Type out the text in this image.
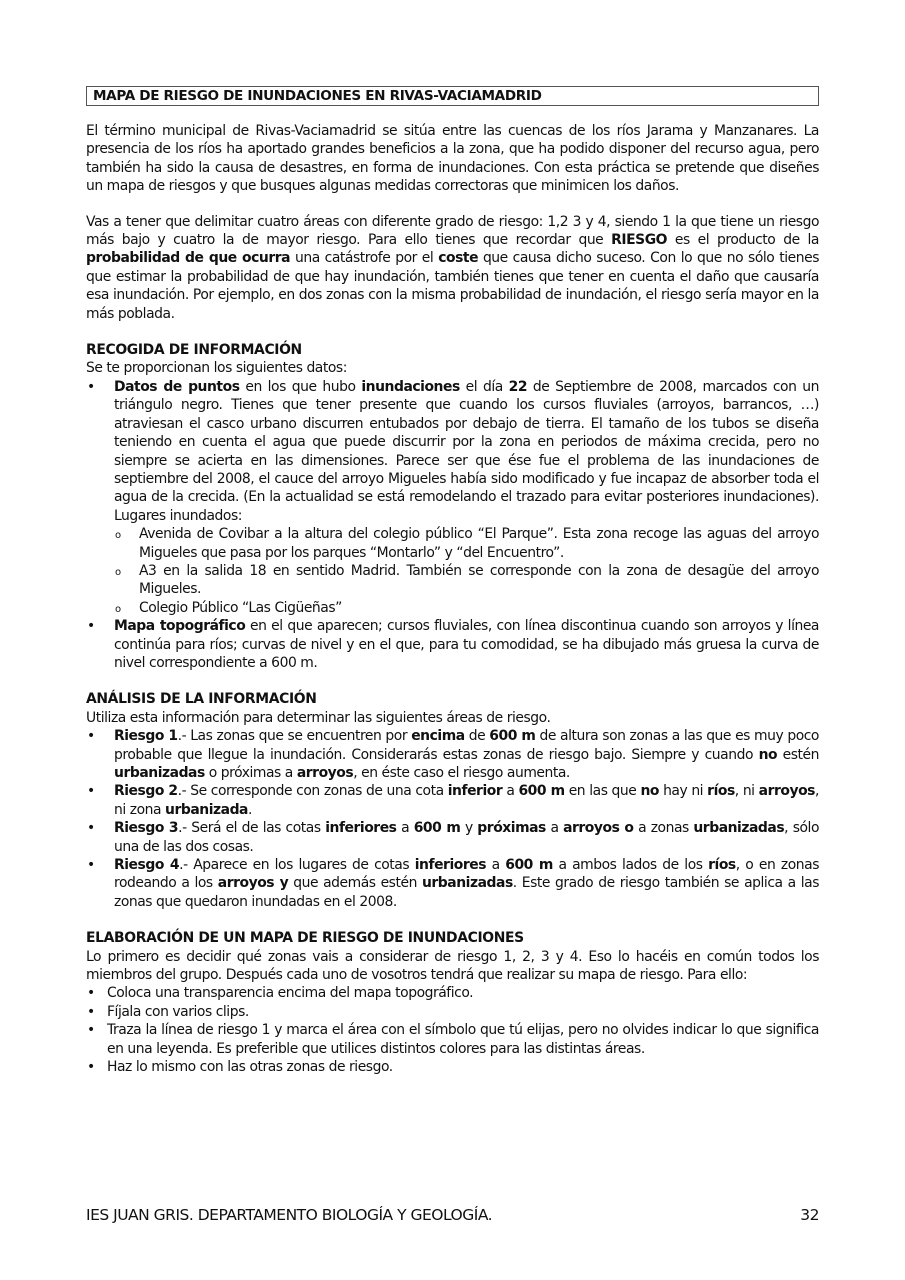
MAPA DE RIESGO DE INUNDACIONES EN RIVAS-VACIAMADRID

El término municipal de Rivas-Vaciamadrid se sitúa entre las cuencas de los ríos Jarama y Manzanares. La presencia de los ríos ha aportado grandes beneficios a la zona, que ha podido disponer del recurso agua, pero también ha sido la causa de desastres, en forma de inundaciones. Con esta práctica se pretende que diseñes un mapa de riesgos y que busques algunas medidas correctoras que minimicen los daños.

Vas a tener que delimitar cuatro áreas con diferente grado de riesgo: 1,2 3 y 4, siendo 1 la que tiene un riesgo más bajo y cuatro la de mayor riesgo. Para ello tienes que recordar que RIESGO es el producto de la probabilidad de que ocurra una catástrofe por el coste que causa dicho suceso. Con lo que no sólo tienes que estimar la probabilidad de que hay inundación, también tienes que tener en cuenta el daño que causaría esa inundación. Por ejemplo, en dos zonas con la misma probabilidad de inundación, el riesgo sería mayor en la más poblada.

RECOGIDA DE INFORMACIÓN

Se te proporcionan los siguientes datos:

• Datos de puntos en los que hubo inundaciones el día 22 de Septiembre de 2008, marcados con un triángulo negro. Tienes que tener presente que cuando los cursos fluviales (arroyos, barrancos, …) atraviesan el casco urbano discurren entubados por debajo de tierra. El tamaño de los tubos se diseña teniendo en cuenta el agua que puede discurrir por la zona en periodos de máxima crecida, pero no siempre se acierta en las dimensiones. Parece ser que ése fue el problema de las inundaciones de septiembre del 2008, el cauce del arroyo Migueles había sido modificado y fue incapaz de absorber toda el agua de la crecida. (En la actualidad se está remodelando el trazado para evitar posteriores inundaciones). Lugares inundados:
o Avenida de Covibar a la altura del colegio público “El Parque”. Esta zona recoge las aguas del arroyo Migueles que pasa por los parques “Montarlo” y “del Encuentro”.
o A3 en la salida 18 en sentido Madrid. También se corresponde con la zona de desagüe del arroyo Migueles.
o Colegio Público “Las Cigüeñas”
• Mapa topográfico en el que aparecen; cursos fluviales, con línea discontinua cuando son arroyos y línea continúa para ríos; curvas de nivel y en el que, para tu comodidad, se ha dibujado más gruesa la curva de nivel correspondiente a 600 m.
ANÁLISIS DE LA INFORMACIÓN

Utiliza esta información para determinar las siguientes áreas de riesgo.

• Riesgo 1.- Las zonas que se encuentren por encima de 600 m de altura son zonas a las que es muy poco probable que llegue la inundación. Considerarás estas zonas de riesgo bajo. Siempre y cuando no estén urbanizadas o próximas a arroyos, en éste caso el riesgo aumenta.
• Riesgo 2.- Se corresponde con zonas de una cota inferior a 600 m en las que no hay ni ríos, ni arroyos, ni zona urbanizada.
• Riesgo 3.- Será el de las cotas inferiores a 600 m y próximas a arroyos o a zonas urbanizadas, sólo una de las dos cosas.
• Riesgo 4.- Aparece en los lugares de cotas inferiores a 600 m a ambos lados de los ríos, o en zonas rodeando a los arroyos y que además estén urbanizadas. Este grado de riesgo también se aplica a las zonas que quedaron inundadas en el 2008.
ELABORACIÓN DE UN MAPA DE RIESGO DE INUNDACIONES

Lo primero es decidir qué zonas vais a considerar de riesgo 1, 2, 3 y 4. Eso lo hacéis en común todos los miembros del grupo. Después cada uno de vosotros tendrá que realizar su mapa de riesgo. Para ello:

• Coloca una transparencia encima del mapa topográfico.
• Fíjala con varios clips.
• Traza la línea de riesgo 1 y marca el área con el símbolo que tú elijas, pero no olvides indicar lo que significa en una leyenda. Es preferible que utilices distintos colores para las distintas áreas.
• Haz lo mismo con las otras zonas de riesgo.
IES JUAN GRIS. DEPARTAMENTO BIOLOGÍA Y GEOLOGÍA.	32
